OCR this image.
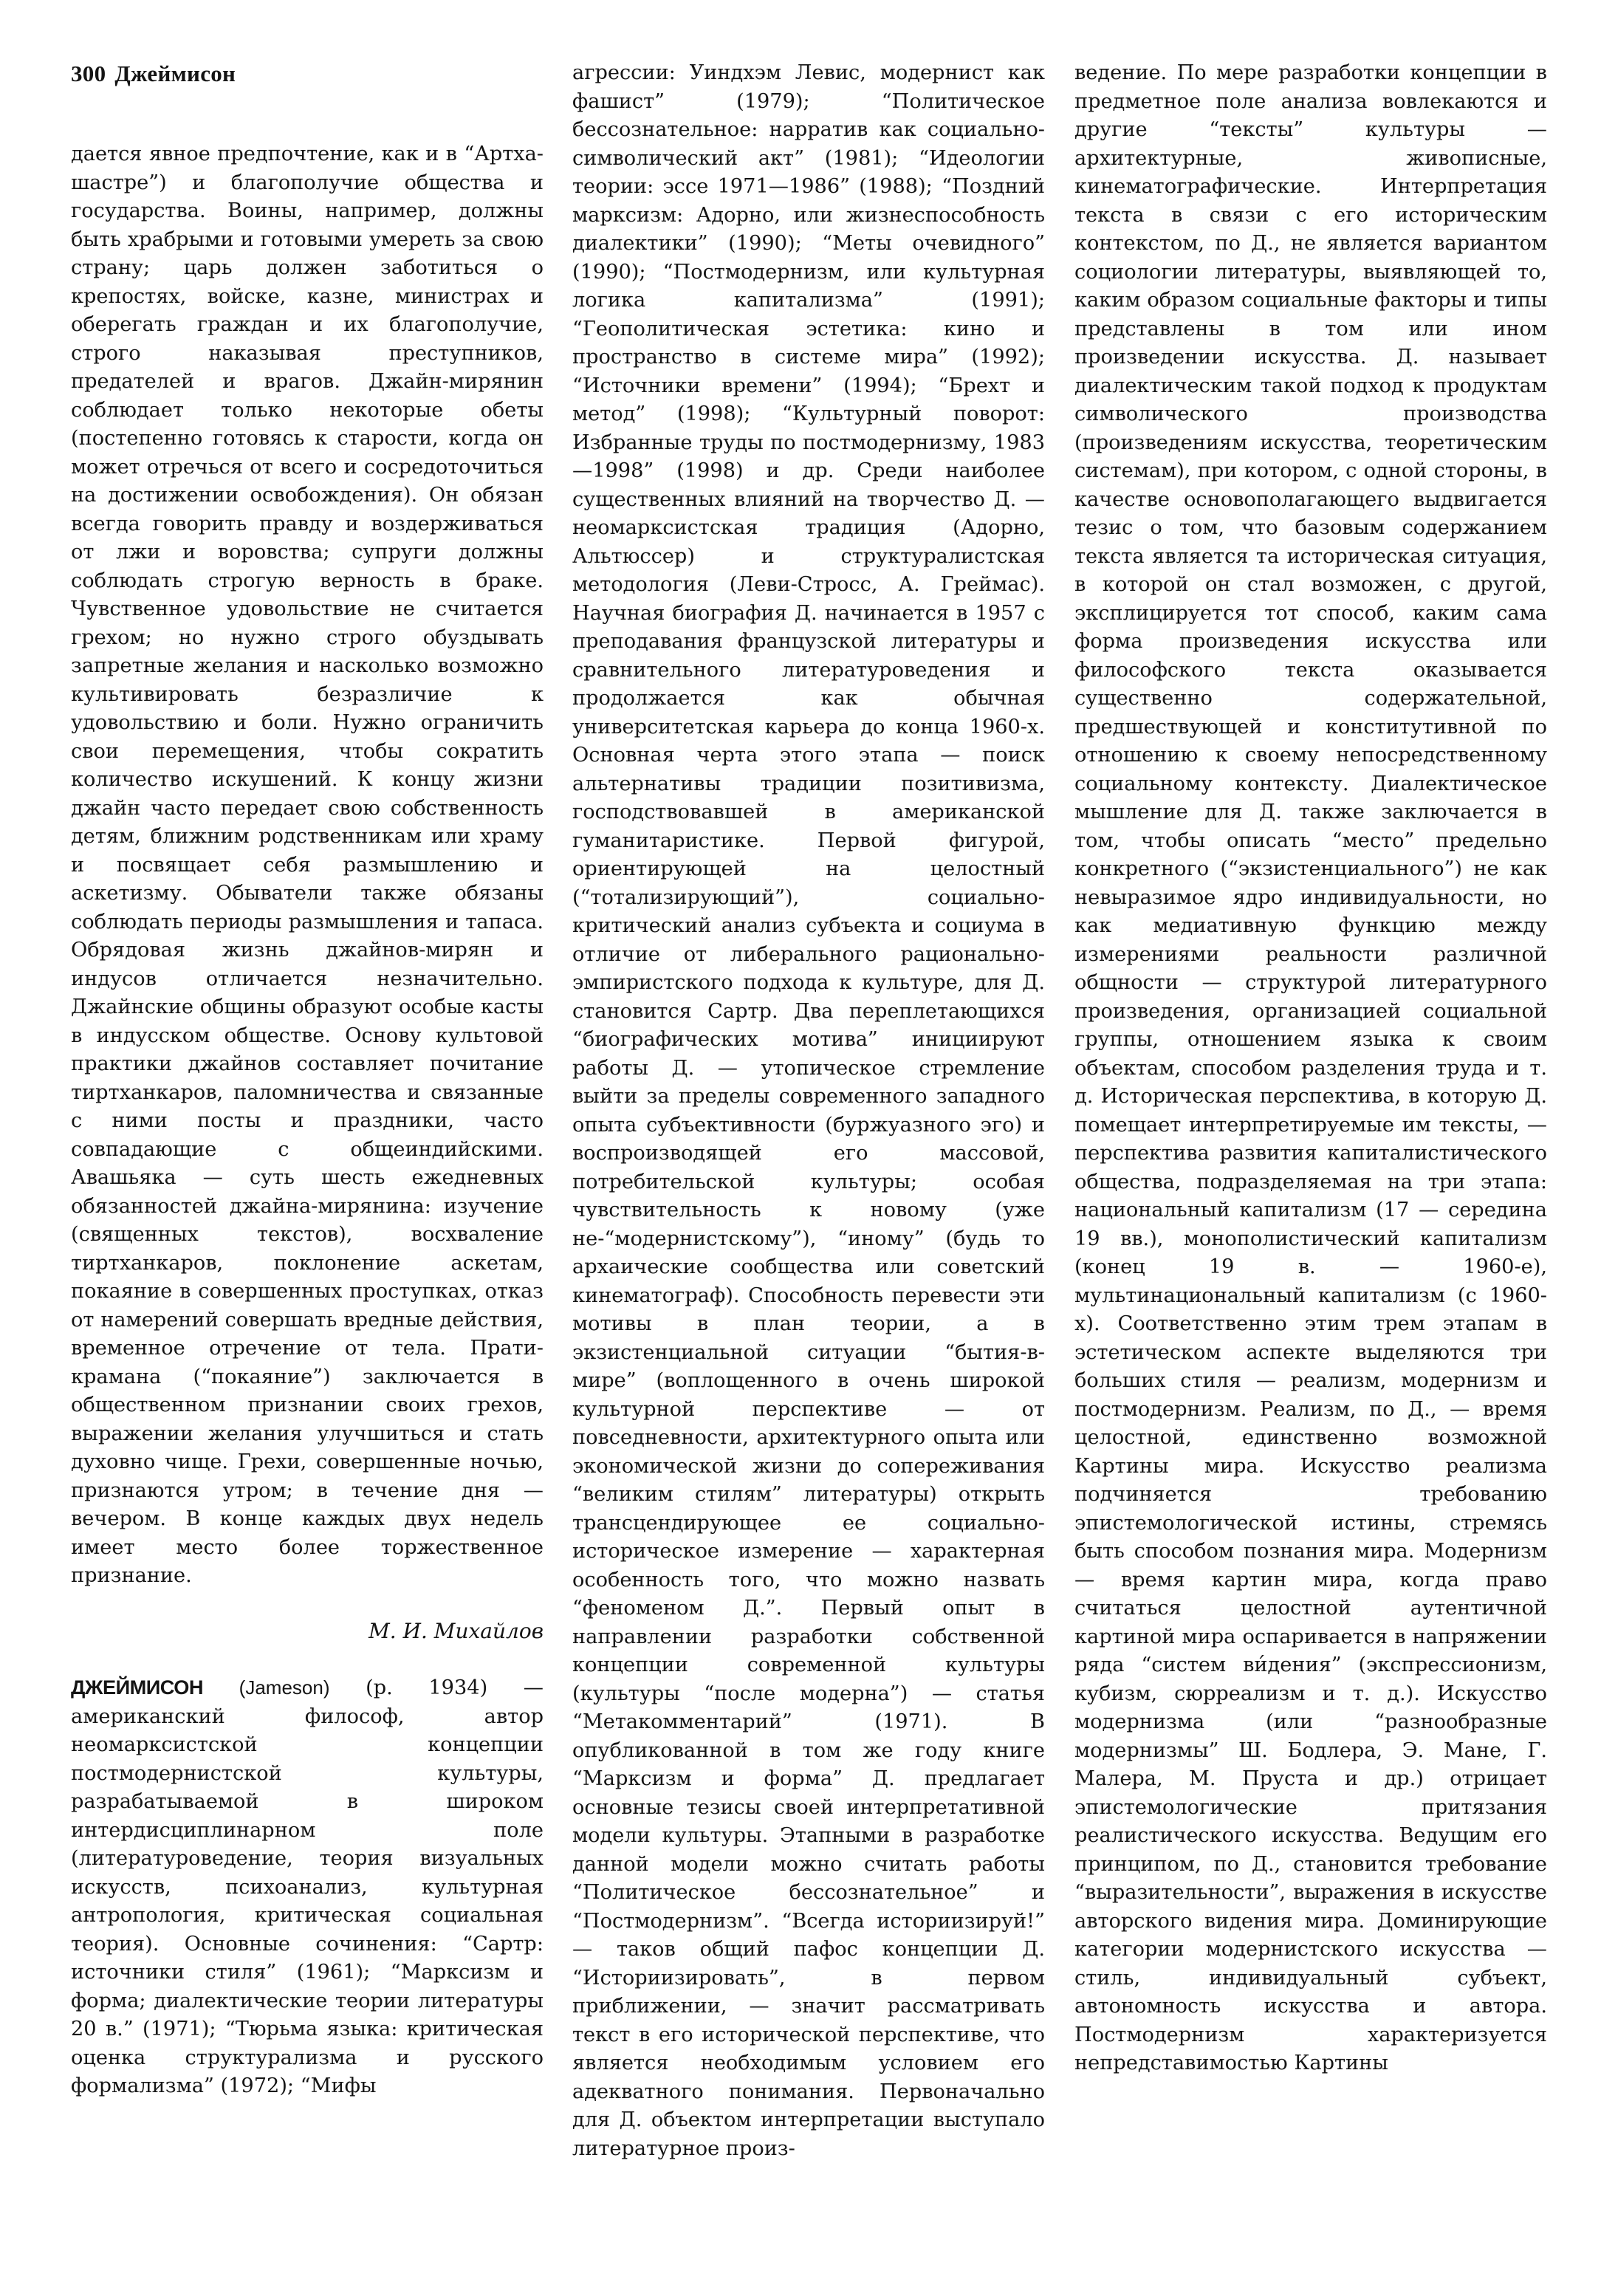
300 Джеймисон

дается явное предпочтение, как и в “Артха-шастре”) и благополучие общества и государства. Воины, например, должны быть храбрыми и готовыми умереть за свою страну; царь должен заботиться о крепостях, войске, казне, министрах и оберегать граждан и их благополучие, строго наказывая преступников, предателей и врагов. Джайн-мирянин соблюдает только некоторые обеты (постепенно готовясь к старости, когда он может отречься от всего и сосредоточиться на достижении освобождения). Он обязан всегда говорить правду и воздерживаться от лжи и воровства; супруги должны соблюдать строгую верность в браке. Чувственное удовольствие не считается грехом; но нужно строго обуздывать запретные желания и насколько возможно культивировать безразличие к удовольствию и боли. Нужно ограничить свои перемещения, чтобы сократить количество искушений. К концу жизни джайн часто передает свою собственность детям, ближним родственникам или храму и посвящает себя размышлению и аскетизму. Обыватели также обязаны соблюдать периоды размышления и тапаса. Обрядовая жизнь джайнов-мирян и индусов отличается незначительно. Джайнские общины образуют особые касты в индусском обществе. Основу культовой практики джайнов составляет почитание тиртханкаров, паломничества и связанные с ними посты и праздники, часто совпадающие с общеиндийскими. Авашьяка — суть шесть ежедневных обязанностей джайна-мирянина: изучение (священных текстов), восхваление тиртханкаров, поклонение аскетам, покаяние в совершенных проступках, отказ от намерений совершать вредные действия, временное отречение от тела. Прати-крамана (“покаяние”) заключается в общественном признании своих грехов, выражении желания улучшиться и стать духовно чище. Грехи, совершенные ночью, признаются утром; в течение дня — вечером. В конце каждых двух недель имеет место более торжественное признание.

М. И. Михайлов

ДЖЕЙМИСОН (Jameson) (р. 1934) — американский философ, автор неомарксистской концепции постмодернистской культуры, разрабатываемой в широком интердисциплинарном поле (литературоведение, теория визуальных искусств, психоанализ, культурная антропология, критическая социальная теория). Основные сочинения: “Сартр: источники стиля” (1961); “Марксизм и форма; диалектические теории литературы 20 в.” (1971); “Тюрьма языка: критическая оценка структурализма и русского формализма” (1972); “Мифы

агрессии: Уиндхэм Левис, модернист как фашист” (1979); “Политическое бессознательное: нарратив как социально-символический акт” (1981); “Идеологии теории: эссе 1971—1986” (1988); “Поздний марксизм: Адорно, или жизнеспособность диалектики” (1990); “Меты очевидного” (1990); “Постмодернизм, или культурная логика капитализма” (1991); “Геополитическая эстетика: кино и пространство в системе мира” (1992); “Источники времени” (1994); “Брехт и метод” (1998); “Культурный поворот: Избранные труды по постмодернизму, 1983—1998” (1998) и др. Среди наиболее существенных влияний на творчество Д. — неомарксистская традиция (Адорно, Альтюссер) и структуралистская методология (Леви-Стросс, А. Греймас). Научная биография Д. начинается в 1957 с преподавания французской литературы и сравнительного литературоведения и продолжается как обычная университетская карьера до конца 1960-х. Основная черта этого этапа — поиск альтернативы традиции позитивизма, господствовавшей в американской гуманитаристике. Первой фигурой, ориентирующей на целостный (“тотализирующий”), социально-критический анализ субъекта и социума в отличие от либерального рационально-эмпиристского подхода к культуре, для Д. становится Сартр. Два переплетающихся “биографических мотива” инициируют работы Д. — утопическое стремление выйти за пределы современного западного опыта субъективности (буржуазного эго) и воспроизводящей его массовой, потребительской культуры; особая чувствительность к новому (уже не-“модернистскому”), “иному” (будь то архаические сообщества или советский кинематограф). Способность перевести эти мотивы в план теории, а в экзистенциальной ситуации “бытия-в-мире” (воплощенного в очень широкой культурной перспективе — от повседневности, архитектурного опыта или экономической жизни до сопереживания “великим стилям” литературы) открыть трансцендирующее ее социально-историческое измерение — характерная особенность того, что можно назвать “феноменом Д.”. Первый опыт в направлении разработки собственной концепции современной культуры (культуры “после модерна”) — статья “Метакомментарий” (1971). В опубликованной в том же году книге “Марксизм и форма” Д. предлагает основные тезисы своей интерпретативной модели культуры. Этапными в разработке данной модели можно считать работы “Политическое бессознательное” и “Постмодернизм”. “Всегда историизируй!” — таков общий пафос концепции Д. “Историизировать”, в первом приближении, — значит рассматривать текст в его исторической перспективе, что является необходимым условием его адекватного понимания. Первоначально для Д. объектом интерпретации выступало литературное произ-

ведение. По мере разработки концепции в предметное поле анализа вовлекаются и другие “тексты” культуры — архитектурные, живописные, кинематографические. Интерпретация текста в связи с его историческим контекстом, по Д., не является вариантом социологии литературы, выявляющей то, каким образом социальные факторы и типы представлены в том или ином произведении искусства. Д. называет диалектическим такой подход к продуктам символического производства (произведениям искусства, теоретическим системам), при котором, с одной стороны, в качестве основополагающего выдвигается тезис о том, что базовым содержанием текста является та историческая ситуация, в которой он стал возможен, с другой, эксплицируется тот способ, каким сама форма произведения искусства или философского текста оказывается существенно содержательной, предшествующей и конститутивной по отношению к своему непосредственному социальному контексту. Диалектическое мышление для Д. также заключается в том, чтобы описать “место” предельно конкретного (“экзистенциального”) не как невыразимое ядро индивидуальности, но как медиативную функцию между измерениями реальности различной общности — структурой литературного произведения, организацией социальной группы, отношением языка к своим объектам, способом разделения труда и т. д. Историческая перспектива, в которую Д. помещает интерпретируемые им тексты, — перспектива развития капиталистического общества, подразделяемая на три этапа: национальный капитализм (17 — середина 19 вв.), монополистический капитализм (конец 19 в. — 1960-е), мультинациональный капитализм (с 1960-х). Соответственно этим трем этапам в эстетическом аспекте выделяются три больших стиля — реализм, модернизм и постмодернизм. Реализм, по Д., — время целостной, единственно возможной Картины мира. Искусство реализма подчиняется требованию эпистемологической истины, стремясь быть способом познания мира. Модернизм — время картин мира, когда право считаться целостной аутентичной картиной мира оспаривается в напряжении ряда “систем ви́дения” (экспрессионизм, кубизм, сюрреализм и т. д.). Искусство модернизма (или “разнообразные модернизмы” Ш. Бодлера, Э. Мане, Г. Малера, М. Пруста и др.) отрицает эпистемологические притязания реалистического искусства. Ведущим его принципом, по Д., становится требование “выразительности”, выражения в искусстве авторского видения мира. Доминирующие категории модернистского искусства — стиль, индивидуальный субъект, автономность искусства и автора. Постмодернизм характеризуется непредставимостью Картины
